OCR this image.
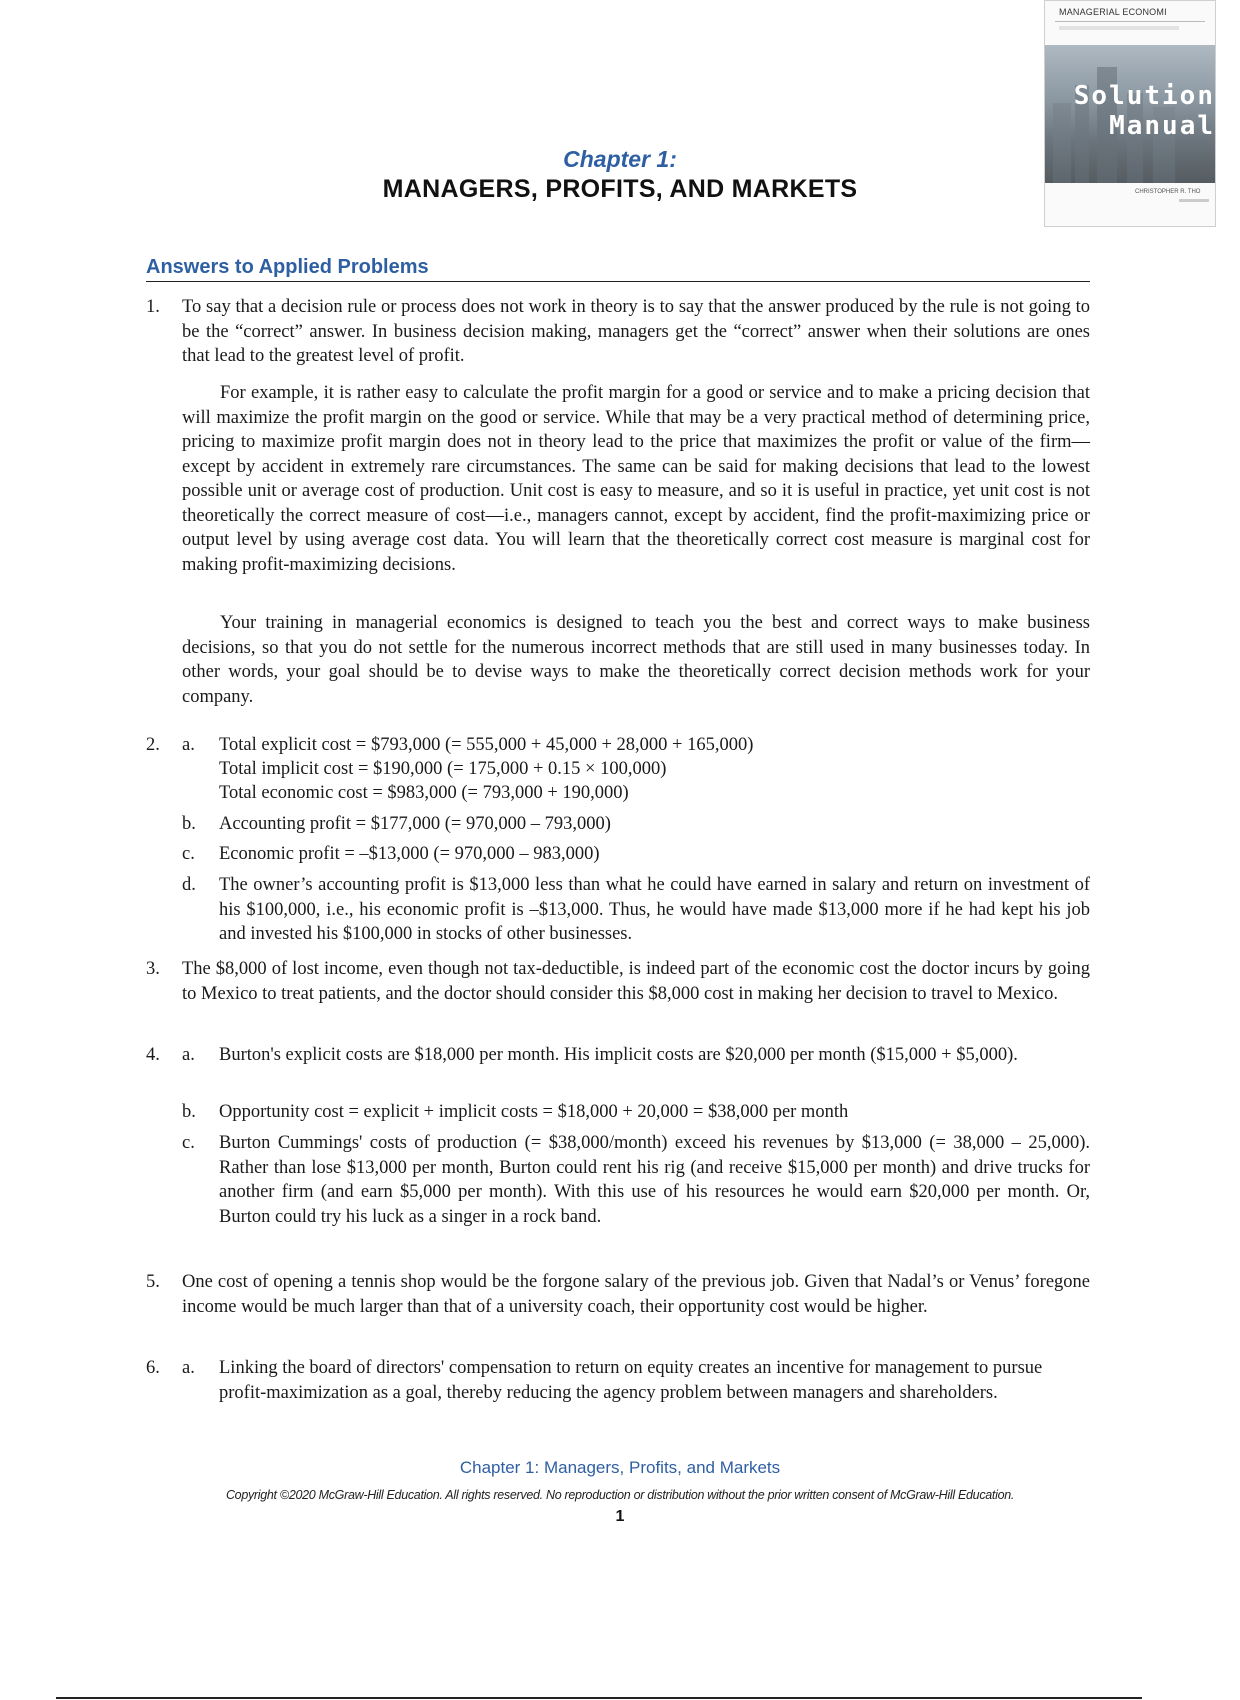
MANAGERIAL ECONOMI
Solution
Manual
CHRISTOPHER R. THO
Chapter 1:
MANAGERS, PROFITS, AND MARKETS
Answers to Applied Problems
1. To say that a decision rule or process does not work in theory is to say that the answer produced by the rule is not going to be the “correct” answer. In business decision making, managers get the “correct” answer when their solutions are ones that lead to the greatest level of profit.
For example, it is rather easy to calculate the profit margin for a good or service and to make a pricing decision that will maximize the profit margin on the good or service. While that may be a very practical method of determining price, pricing to maximize profit margin does not in theory lead to the price that maximizes the profit or value of the firm—except by accident in extremely rare circumstances. The same can be said for making decisions that lead to the lowest possible unit or average cost of production. Unit cost is easy to measure, and so it is useful in practice, yet unit cost is not theoretically the correct measure of cost—i.e., managers cannot, except by accident, find the profit-maximizing price or output level by using average cost data. You will learn that the theoretically correct cost measure is marginal cost for making profit-maximizing decisions.
Your training in managerial economics is designed to teach you the best and correct ways to make business decisions, so that you do not settle for the numerous incorrect methods that are still used in many businesses today. In other words, your goal should be to devise ways to make the theoretically correct decision methods work for your company.
2. a. Total explicit cost = $793,000 (= 555,000 + 45,000 + 28,000 + 165,000)
Total implicit cost = $190,000 (= 175,000 + 0.15 × 100,000)
Total economic cost = $983,000 (= 793,000 + 190,000)
b. Accounting profit = $177,000 (= 970,000 – 793,000)
c. Economic profit = –$13,000 (= 970,000 – 983,000)
d. The owner’s accounting profit is $13,000 less than what he could have earned in salary and return on investment of his $100,000, i.e., his economic profit is –$13,000. Thus, he would have made $13,000 more if he had kept his job and invested his $100,000 in stocks of other businesses.
3. The $8,000 of lost income, even though not tax-deductible, is indeed part of the economic cost the doctor incurs by going to Mexico to treat patients, and the doctor should consider this $8,000 cost in making her decision to travel to Mexico.
4. a. Burton's explicit costs are $18,000 per month. His implicit costs are $20,000 per month ($15,000 + $5,000).
b. Opportunity cost = explicit + implicit costs = $18,000 + 20,000 = $38,000 per month
c. Burton Cummings' costs of production (= $38,000/month) exceed his revenues by $13,000 (= 38,000 – 25,000). Rather than lose $13,000 per month, Burton could rent his rig (and receive $15,000 per month) and drive trucks for another firm (and earn $5,000 per month). With this use of his resources he would earn $20,000 per month. Or, Burton could try his luck as a singer in a rock band.
5. One cost of opening a tennis shop would be the forgone salary of the previous job. Given that Nadal’s or Venus’ foregone income would be much larger than that of a university coach, their opportunity cost would be higher.
6. a. Linking the board of directors' compensation to return on equity creates an incentive for management to pursue profit-maximization as a goal, thereby reducing the agency problem between managers and shareholders.
Chapter 1: Managers, Profits, and Markets
Copyright ©2020 McGraw-Hill Education. All rights reserved. No reproduction or distribution without the prior written consent of McGraw-Hill Education.
1
